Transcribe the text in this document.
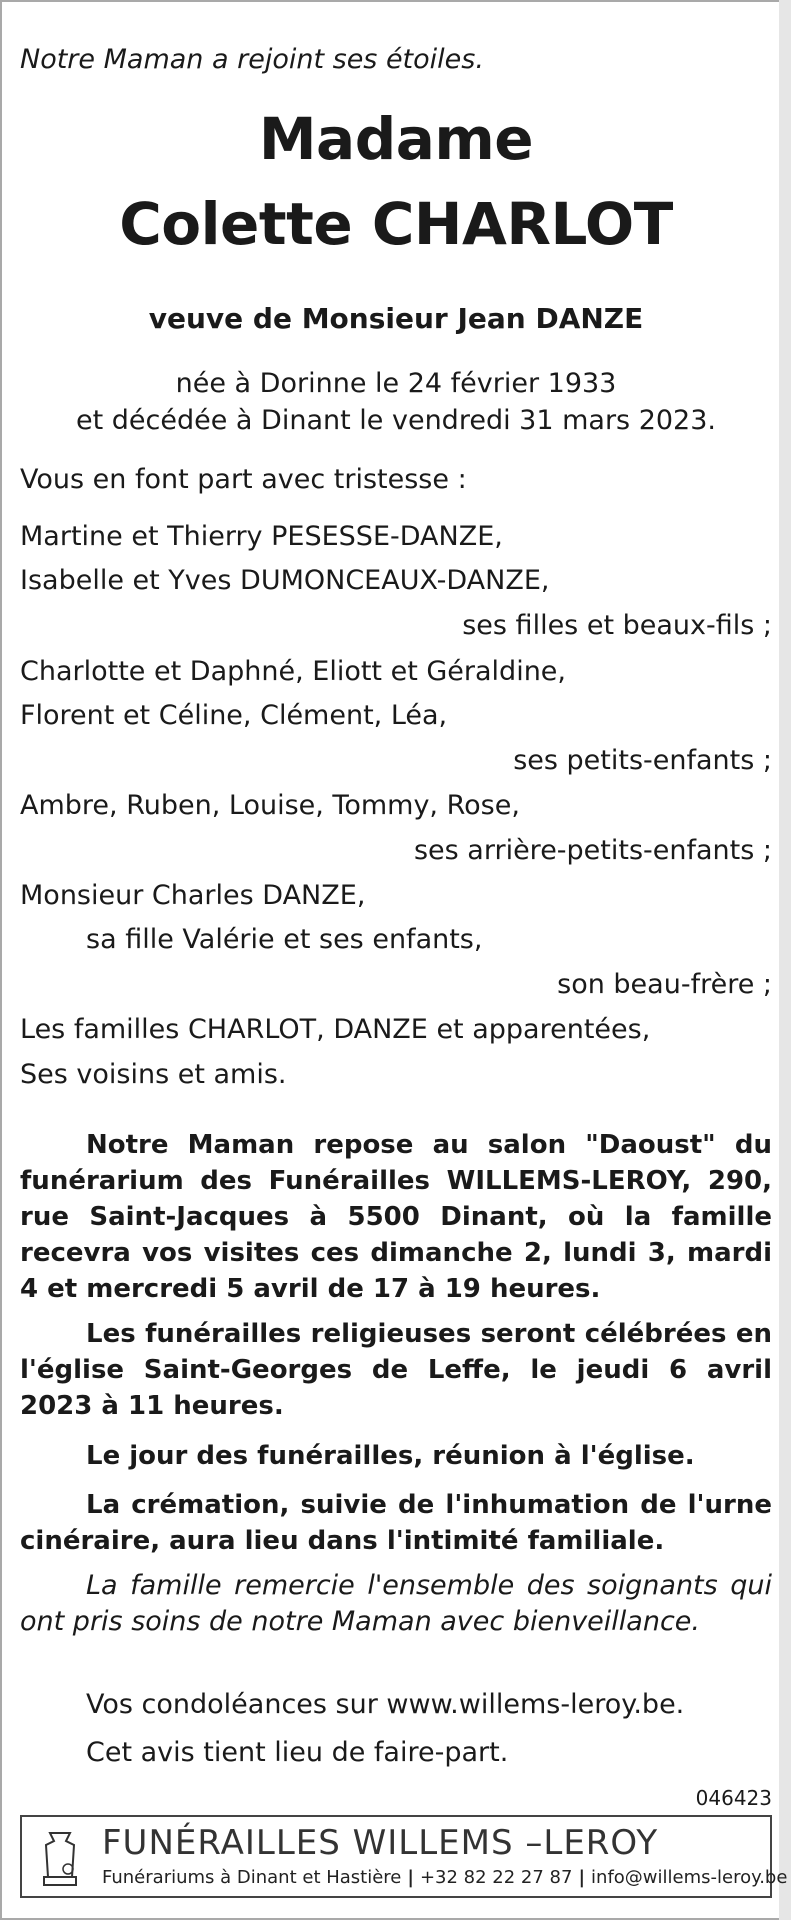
Notre Maman a rejoint ses étoiles.
Madame
Colette CHARLOT
veuve de Monsieur Jean DANZE
née à Dorinne le 24 février 1933
et décédée à Dinant le vendredi 31 mars 2023.
Vous en font part avec tristesse :
Martine et Thierry PESESSE-DANZE,
Isabelle et Yves DUMONCEAUX-DANZE,
ses filles et beaux-fils ;
Charlotte et Daphné, Eliott et Géraldine,
Florent et Céline, Clément, Léa,
ses petits-enfants ;
Ambre, Ruben, Louise, Tommy, Rose,
ses arrière-petits-enfants ;
Monsieur Charles DANZE,
sa fille Valérie et ses enfants,
son beau-frère ;
Les familles CHARLOT, DANZE et apparentées,
Ses voisins et amis.
Notre Maman repose au salon "Daoust" du funérarium des Funérailles WILLEMS-LEROY, 290, rue Saint-Jacques à 5500 Dinant, où la famille recevra vos visites ces dimanche 2, lundi 3, mardi 4 et mercredi 5 avril de 17 à 19 heures.
Les funérailles religieuses seront célébrées en l'église Saint-Georges de Leffe, le jeudi 6 avril 2023 à 11 heures.
Le jour des funérailles, réunion à l'église.
La crémation, suivie de l'inhumation de l'urne cinéraire, aura lieu dans l'intimité familiale.
La famille remercie l'ensemble des soignants qui ont pris soins de notre Maman avec bienveillance.
Vos condoléances sur www.willems-leroy.be.
Cet avis tient lieu de faire-part.
046423
FUNÉRAILLES WILLEMS –LEROY
Funérariums à Dinant et Hastière | +32 82 22 27 87 | info@willems-leroy.be
